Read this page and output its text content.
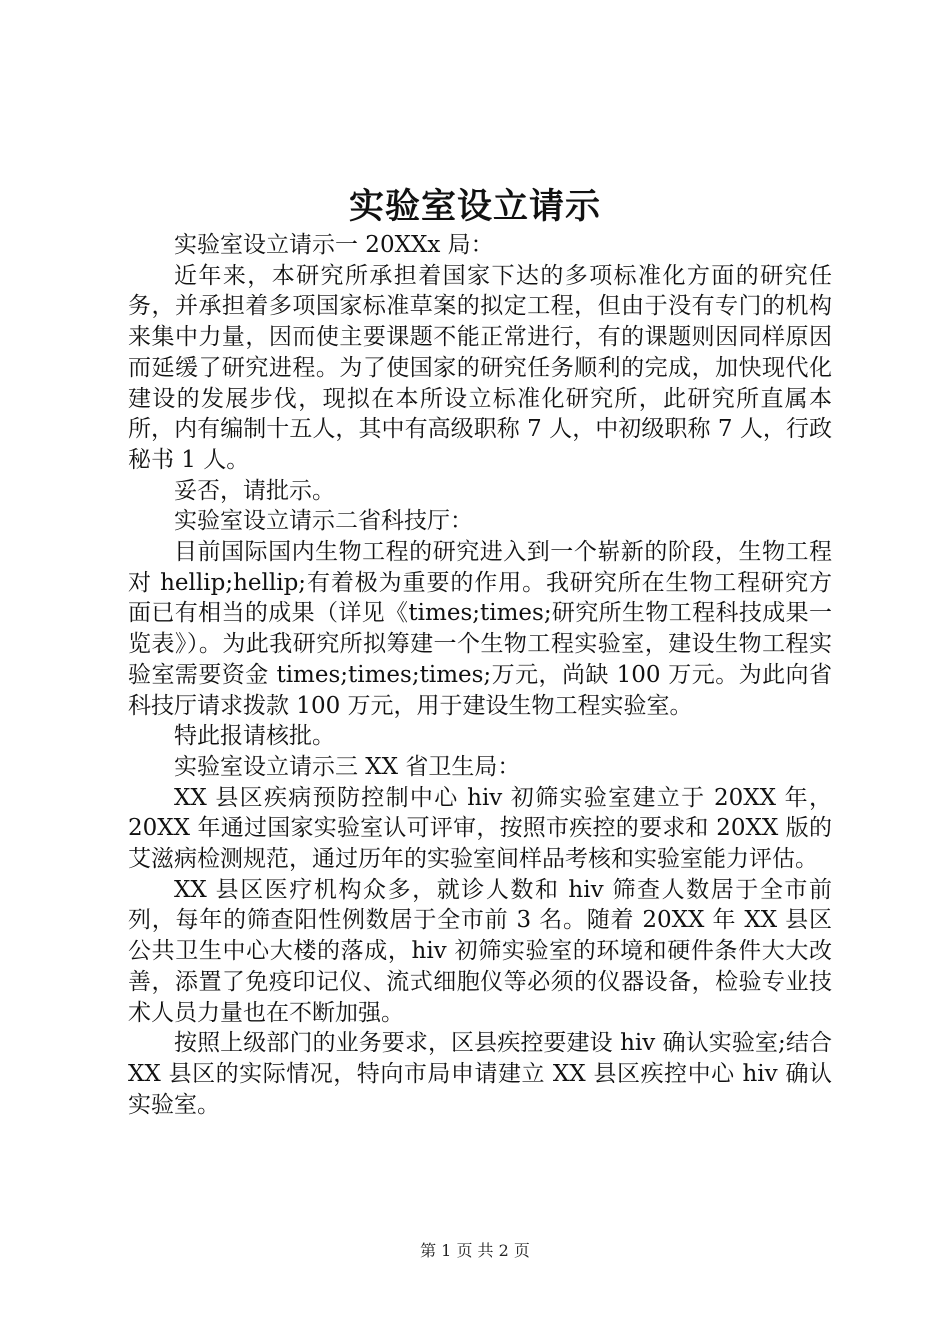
实验室设立请示

实验室设立请示一 20XXx 局：

近年来，本研究所承担着国家下达的多项标准化方面的研究任务，并承担着多项国家标准草案的拟定工程，但由于没有专门的机构来集中力量，因而使主要课题不能正常进行，有的课题则因同样原因而延缓了研究进程。为了使国家的研究任务顺利的完成，加快现代化建设的发展步伐，现拟在本所设立标准化研究所，此研究所直属本所，内有编制十五人，其中有高级职称 7 人，中初级职称 7 人，行政秘书 1 人。

妥否，请批示。

实验室设立请示二省科技厅：

目前国际国内生物工程的研究进入到一个崭新的阶段，生物工程对 hellip;hellip;有着极为重要的作用。我研究所在生物工程研究方面已有相当的成果（详见《times;times;研究所生物工程科技成果一览表》）。为此我研究所拟筹建一个生物工程实验室，建设生物工程实验室需要资金 times;times;times;万元，尚缺 100 万元。为此向省科技厅请求拨款 100 万元，用于建设生物工程实验室。

特此报请核批。

实验室设立请示三 XX 省卫生局：

XX 县区疾病预防控制中心 hiv 初筛实验室建立于 20XX 年，20XX 年通过国家实验室认可评审，按照市疾控的要求和 20XX 版的艾滋病检测规范，通过历年的实验室间样品考核和实验室能力评估。

XX 县区医疗机构众多，就诊人数和 hiv 筛查人数居于全市前列，每年的筛查阳性例数居于全市前 3 名。随着 20XX 年 XX 县区公共卫生中心大楼的落成，hiv 初筛实验室的环境和硬件条件大大改善，添置了免疫印记仪、流式细胞仪等必须的仪器设备，检验专业技术人员力量也在不断加强。

按照上级部门的业务要求，区县疾控要建设 hiv 确认实验室;结合 XX 县区的实际情况，特向市局申请建立 XX 县区疾控中心 hiv 确认实验室。

第 1 页 共 2 页
